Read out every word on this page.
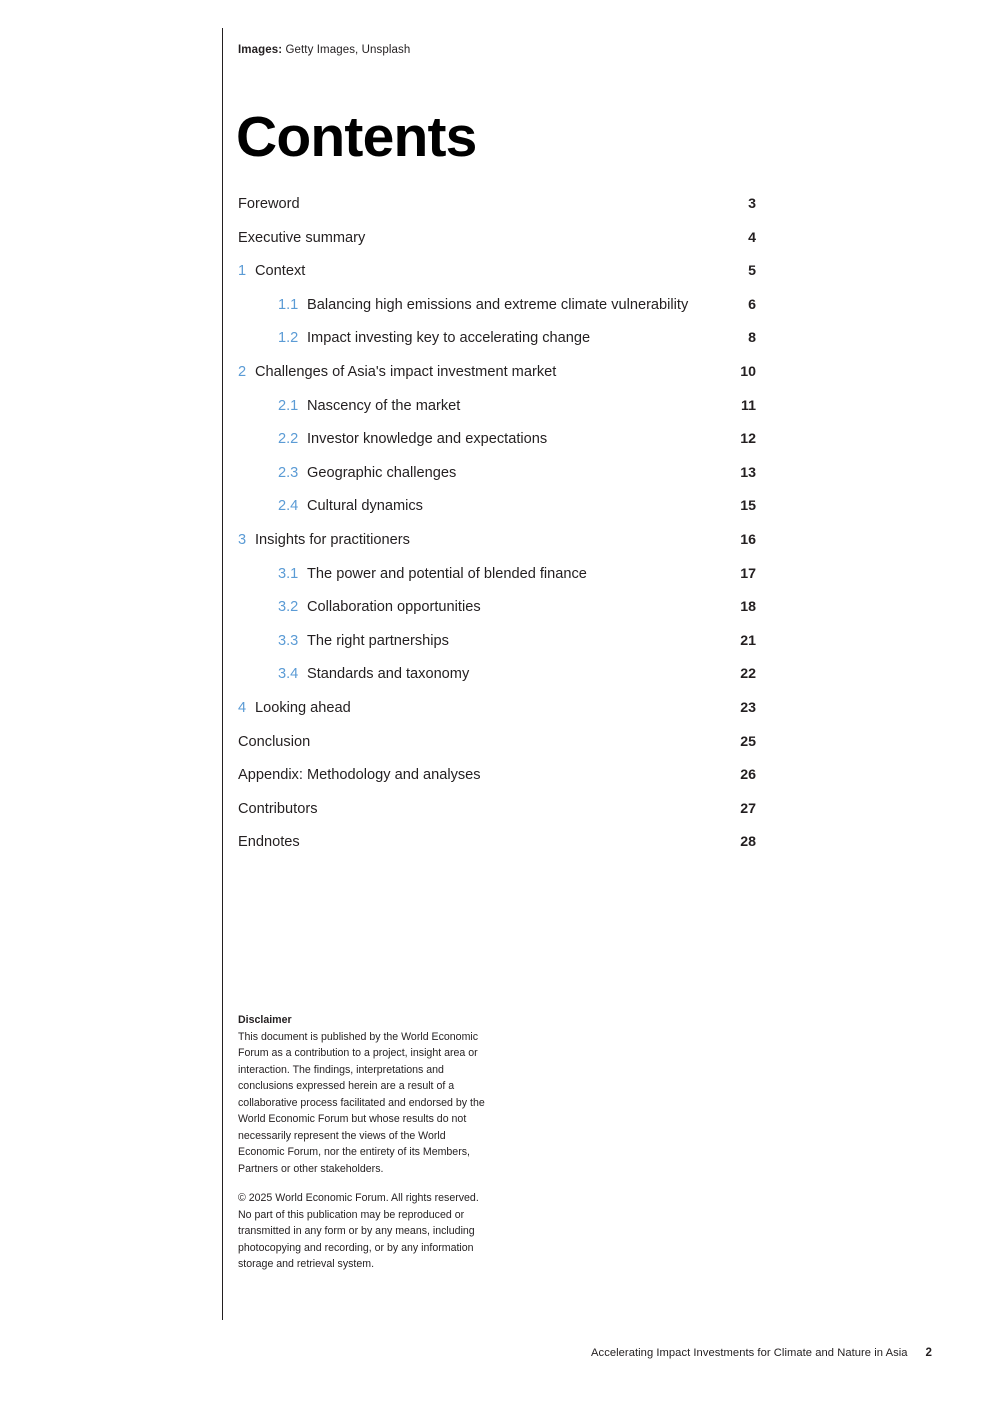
Images: Getty Images, Unsplash
Contents
Foreword	3
Executive summary	4
1 Context	5
1.1 Balancing high emissions and extreme climate vulnerability	6
1.2 Impact investing key to accelerating change	8
2 Challenges of Asia's impact investment market	10
2.1 Nascency of the market	11
2.2 Investor knowledge and expectations	12
2.3 Geographic challenges	13
2.4 Cultural dynamics	15
3 Insights for practitioners	16
3.1 The power and potential of blended finance	17
3.2 Collaboration opportunities	18
3.3 The right partnerships	21
3.4 Standards and taxonomy	22
4 Looking ahead	23
Conclusion	25
Appendix: Methodology and analyses	26
Contributors	27
Endnotes	28
Disclaimer

This document is published by the World Economic Forum as a contribution to a project, insight area or interaction. The findings, interpretations and conclusions expressed herein are a result of a collaborative process facilitated and endorsed by the World Economic Forum but whose results do not necessarily represent the views of the World Economic Forum, nor the entirety of its Members, Partners or other stakeholders.

© 2025 World Economic Forum. All rights reserved. No part of this publication may be reproduced or transmitted in any form or by any means, including photocopying and recording, or by any information storage and retrieval system.

Accelerating Impact Investments for Climate and Nature in Asia 2
